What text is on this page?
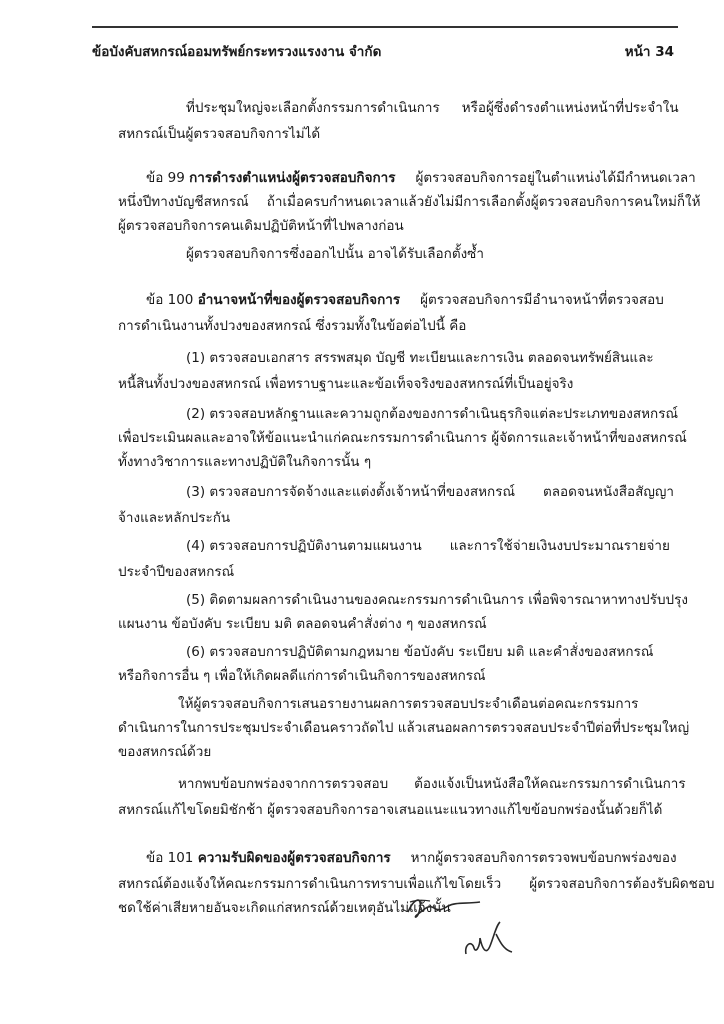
ข้อบังคับสหกรณ์ออมทรัพย์กระทรวงแรงงาน จำกัด	หน้า 34
ที่ประชุมใหญ่จะเลือกตั้งกรรมการดำเนินการ หรือผู้ซึ่งดำรงตำแหน่งหน้าที่ประจำใน
สหกรณ์เป็นผู้ตรวจสอบกิจการไม่ได้
ข้อ 99 การดำรงตำแหน่งผู้ตรวจสอบกิจการ ผู้ตรวจสอบกิจการอยู่ในตำแหน่งได้มีกำหนดเวลา
หนึ่งปีทางบัญชีสหกรณ์ ถ้าเมื่อครบกำหนดเวลาแล้วยังไม่มีการเลือกตั้งผู้ตรวจสอบกิจการคนใหม่ก็ให้
ผู้ตรวจสอบกิจการคนเดิมปฏิบัติหน้าที่ไปพลางก่อน
ผู้ตรวจสอบกิจการซึ่งออกไปนั้น อาจได้รับเลือกตั้งซ้ำ
ข้อ 100 อำนาจหน้าที่ของผู้ตรวจสอบกิจการ ผู้ตรวจสอบกิจการมีอำนาจหน้าที่ตรวจสอบ
การดำเนินงานทั้งปวงของสหกรณ์ ซึ่งรวมทั้งในข้อต่อไปนี้ คือ
(1) ตรวจสอบเอกสาร สรรพสมุด บัญชี ทะเบียนและการเงิน ตลอดจนทรัพย์สินและ
หนี้สินทั้งปวงของสหกรณ์ เพื่อทราบฐานะและข้อเท็จจริงของสหกรณ์ที่เป็นอยู่จริง
(2) ตรวจสอบหลักฐานและความถูกต้องของการดำเนินธุรกิจแต่ละประเภทของสหกรณ์
เพื่อประเมินผลและอาจให้ข้อแนะนำแก่คณะกรรมการดำเนินการ ผู้จัดการและเจ้าหน้าที่ของสหกรณ์
ทั้งทางวิชาการและทางปฏิบัติในกิจการนั้น ๆ
(3) ตรวจสอบการจัดจ้างและแต่งตั้งเจ้าหน้าที่ของสหกรณ์ ตลอดจนหนังสือสัญญา
จ้างและหลักประกัน
(4) ตรวจสอบการปฏิบัติงานตามแผนงาน และการใช้จ่ายเงินงบประมาณรายจ่าย
ประจำปีของสหกรณ์
(5) ติดตามผลการดำเนินงานของคณะกรรมการดำเนินการ เพื่อพิจารณาหาทางปรับปรุง
แผนงาน ข้อบังคับ ระเบียบ มติ ตลอดจนคำสั่งต่าง ๆ ของสหกรณ์
(6) ตรวจสอบการปฏิบัติตามกฎหมาย ข้อบังคับ ระเบียบ มติ และคำสั่งของสหกรณ์
หรือกิจการอื่น ๆ เพื่อให้เกิดผลดีแก่การดำเนินกิจการของสหกรณ์
ให้ผู้ตรวจสอบกิจการเสนอรายงานผลการตรวจสอบประจำเดือนต่อคณะกรรมการ
ดำเนินการในการประชุมประจำเดือนคราวถัดไป แล้วเสนอผลการตรวจสอบประจำปีต่อที่ประชุมใหญ่
ของสหกรณ์ด้วย
หากพบข้อบกพร่องจากการตรวจสอบ ต้องแจ้งเป็นหนังสือให้คณะกรรมการดำเนินการ
สหกรณ์แก้ไขโดยมิชักช้า ผู้ตรวจสอบกิจการอาจเสนอแนะแนวทางแก้ไขข้อบกพร่องนั้นด้วยก็ได้
ข้อ 101 ความรับผิดของผู้ตรวจสอบกิจการ หากผู้ตรวจสอบกิจการตรวจพบข้อบกพร่องของ
สหกรณ์ต้องแจ้งให้คณะกรรมการดำเนินการทราบเพื่อแก้ไขโดยเร็ว ผู้ตรวจสอบกิจการต้องรับผิดชอบ
ชดใช้ค่าเสียหายอันจะเกิดแก่สหกรณ์ด้วยเหตุอันไม่แจ้งนั้น
